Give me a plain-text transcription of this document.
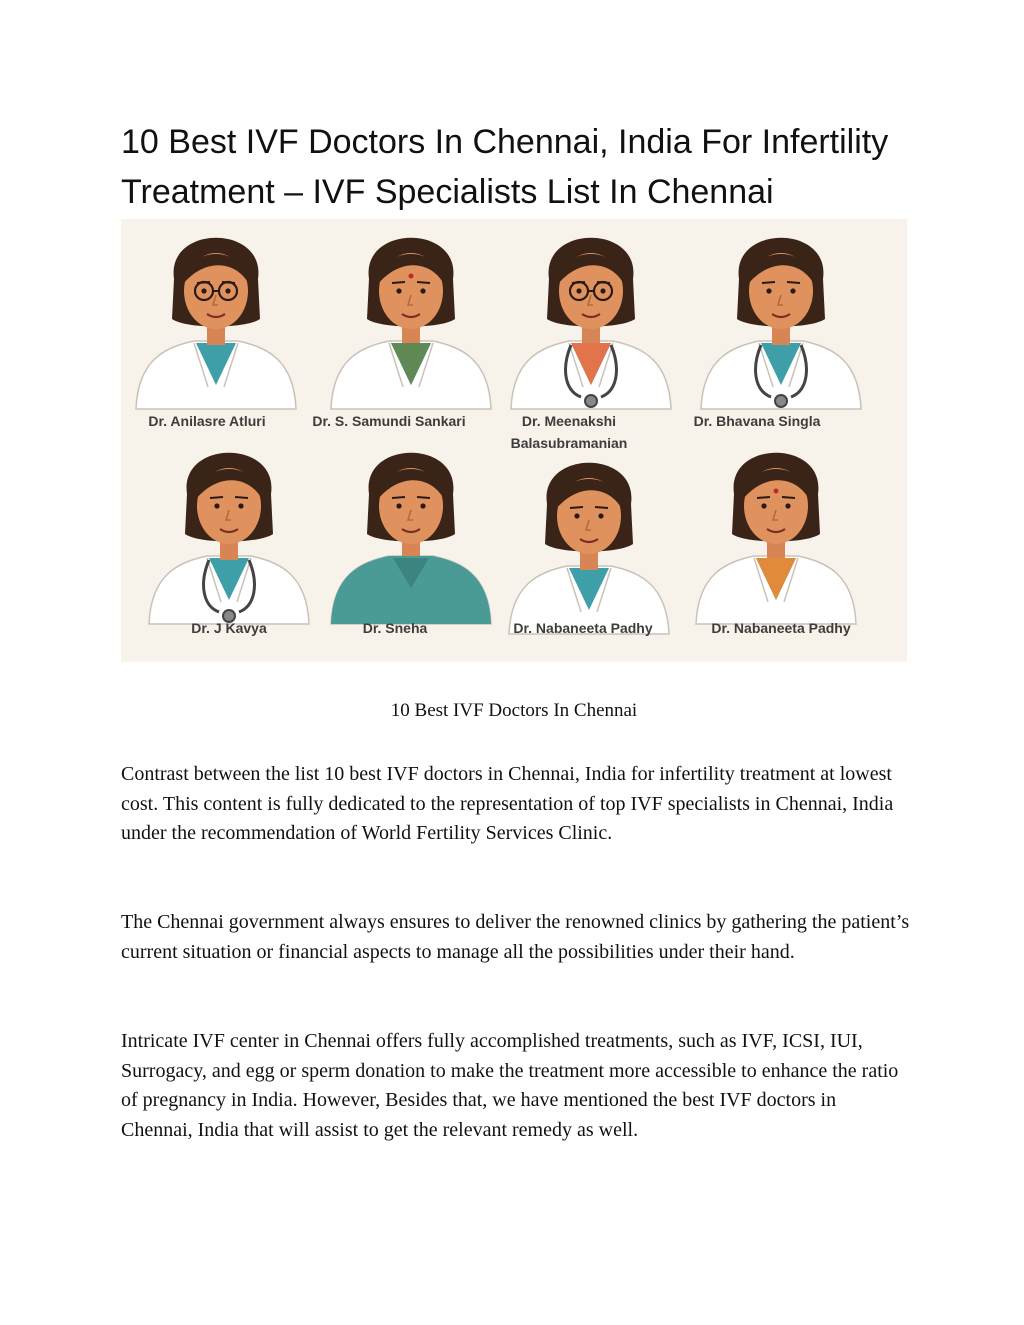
10 Best IVF Doctors In Chennai, India For Infertility Treatment – IVF Specialists List In Chennai
Dr. Anilasre Atluri	Dr. S. Samundi Sankari	Dr. Meenakshi
Balasubramanian
Dr. Bhavana Singla
Dr. J Kavya	Dr. Sneha	Dr. Nabaneeta Padhy	Dr. Nabaneeta Padhy
10 Best IVF Doctors In Chennai

Contrast between the list 10 best IVF doctors in Chennai, India for infertility treatment at lowest cost. This content is fully dedicated to the representation of top IVF specialists in Chennai, India under the recommendation of World Fertility Services Clinic.

The Chennai government always ensures to deliver the renowned clinics by gathering the patient’s current situation or financial aspects to manage all the possibilities under their hand.

Intricate IVF center in Chennai offers fully accomplished treatments, such as IVF, ICSI, IUI, Surrogacy, and egg or sperm donation to make the treatment more accessible to enhance the ratio of pregnancy in India. However, Besides that, we have mentioned the best IVF doctors in Chennai, India that will assist to get the relevant remedy as well.
